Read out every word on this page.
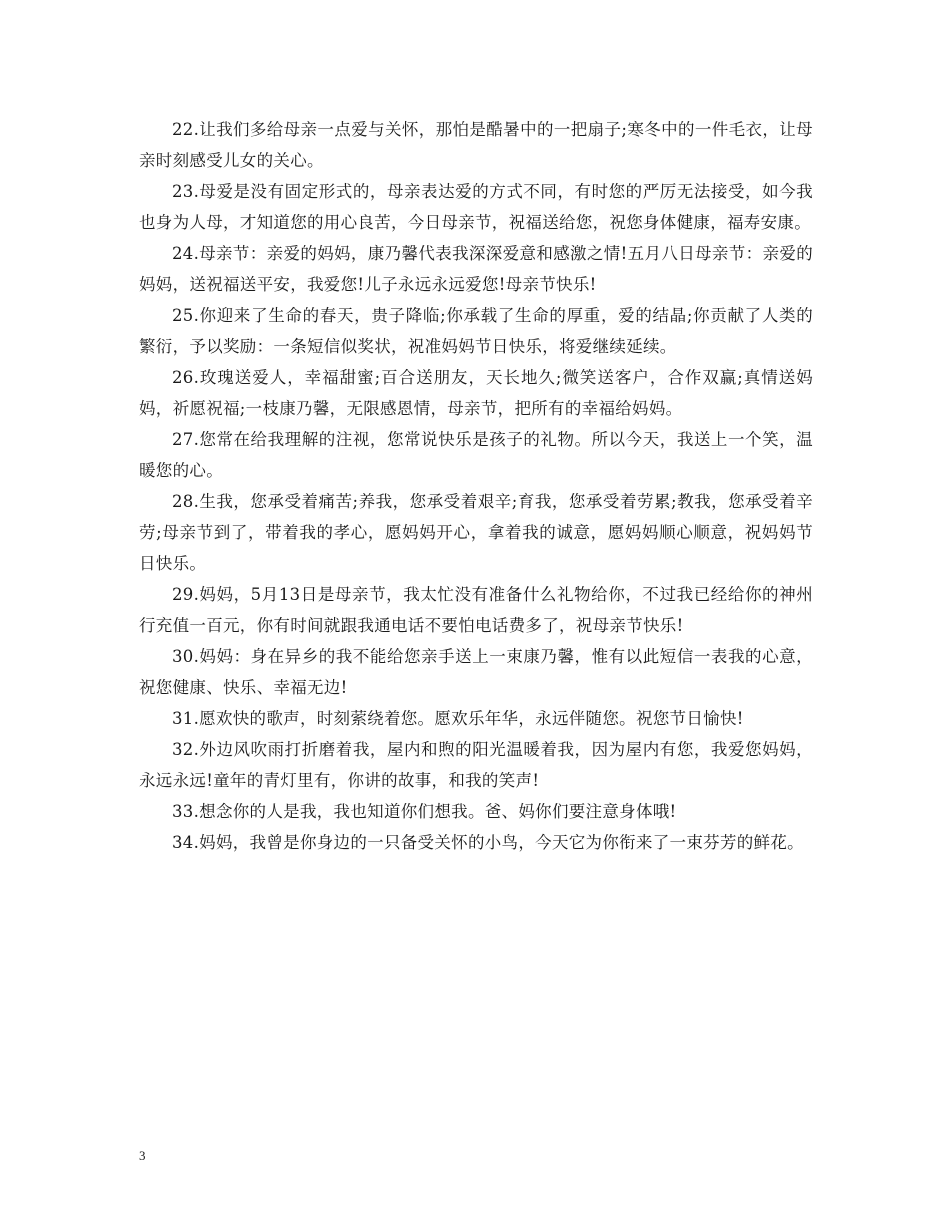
22.让我们多给母亲一点爱与关怀，那怕是酷暑中的一把扇子;寒冬中的一件毛衣，让母亲时刻感受儿女的关心。

23.母爱是没有固定形式的，母亲表达爱的方式不同，有时您的严厉无法接受，如今我也身为人母，才知道您的用心良苦，今日母亲节，祝福送给您，祝您身体健康，福寿安康。

24.母亲节：亲爱的妈妈，康乃馨代表我深深爱意和感激之情!五月八日母亲节：亲爱的妈妈，送祝福送平安，我爱您!儿子永远永远爱您!母亲节快乐!

25.你迎来了生命的春天，贵子降临;你承载了生命的厚重，爱的结晶;你贡献了人类的繁衍，予以奖励：一条短信似奖状，祝准妈妈节日快乐，将爱继续延续。

26.玫瑰送爱人，幸福甜蜜;百合送朋友，天长地久;微笑送客户，合作双赢;真情送妈妈，祈愿祝福;一枝康乃馨，无限感恩情，母亲节，把所有的幸福给妈妈。

27.您常在给我理解的注视，您常说快乐是孩子的礼物。所以今天，我送上一个笑，温暖您的心。

28.生我，您承受着痛苦;养我，您承受着艰辛;育我，您承受着劳累;教我，您承受着辛劳;母亲节到了，带着我的孝心，愿妈妈开心，拿着我的诚意，愿妈妈顺心顺意，祝妈妈节日快乐。

29.妈妈，5月13日是母亲节，我太忙没有准备什么礼物给你，不过我已经给你的神州行充值一百元，你有时间就跟我通电话不要怕电话费多了，祝母亲节快乐!

30.妈妈：身在异乡的我不能给您亲手送上一束康乃馨，惟有以此短信一表我的心意，祝您健康、快乐、幸福无边!

31.愿欢快的歌声，时刻萦绕着您。愿欢乐年华，永远伴随您。祝您节日愉快!

32.外边风吹雨打折磨着我，屋内和煦的阳光温暖着我，因为屋内有您，我爱您妈妈，永远永远!童年的青灯里有，你讲的故事，和我的笑声!

33.想念你的人是我，我也知道你们想我。爸、妈你们要注意身体哦!

34.妈妈，我曾是你身边的一只备受关怀的小鸟，今天它为你衔来了一束芬芳的鲜花。

3
